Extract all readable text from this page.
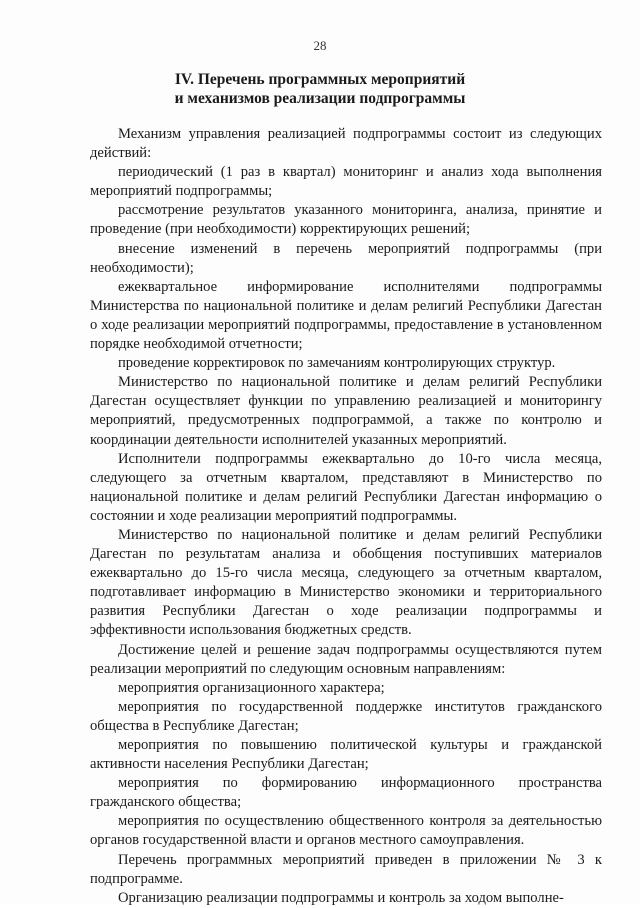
28
IV. Перечень программных мероприятий
и механизмов реализации подпрограммы

Механизм управления реализацией подпрограммы состоит из следующих действий:

периодический (1 раз в квартал) мониторинг и анализ хода выполнения мероприятий подпрограммы;

рассмотрение результатов указанного мониторинга, анализа, принятие и проведение (при необходимости) корректирующих решений;

внесение изменений в перечень мероприятий подпрограммы (при необходимости);

ежеквартальное информирование исполнителями подпрограммы Министерства по национальной политике и делам религий Республики Дагестан о ходе реализации мероприятий подпрограммы, предоставление в установленном порядке необходимой отчетности;

проведение корректировок по замечаниям контролирующих структур.

Министерство по национальной политике и делам религий Республики Дагестан осуществляет функции по управлению реализацией и мониторингу мероприятий, предусмотренных подпрограммой, а также по контролю и координации деятельности исполнителей указанных мероприятий.

Исполнители подпрограммы ежеквартально до 10-го числа месяца, следующего за отчетным кварталом, представляют в Министерство по национальной политике и делам религий Республики Дагестан информацию о состоянии и ходе реализации мероприятий подпрограммы.

Министерство по национальной политике и делам религий Республики Дагестан по результатам анализа и обобщения поступивших материалов ежеквартально до 15-го числа месяца, следующего за отчетным кварталом, подготавливает информацию в Министерство экономики и территориального развития Республики Дагестан о ходе реализации подпрограммы и эффективности использования бюджетных средств.

Достижение целей и решение задач подпрограммы осуществляются путем реализации мероприятий по следующим основным направлениям:

мероприятия организационного характера;

мероприятия по государственной поддержке институтов гражданского общества в Республике Дагестан;

мероприятия по повышению политической культуры и гражданской активности населения Республики Дагестан;

мероприятия по формированию информационного пространства гражданского общества;

мероприятия по осуществлению общественного контроля за деятельностью органов государственной власти и органов местного самоуправления.

Перечень программных мероприятий приведен в приложении № 3 к подпрограмме.

Организацию реализации подпрограммы и контроль за ходом выполне-
